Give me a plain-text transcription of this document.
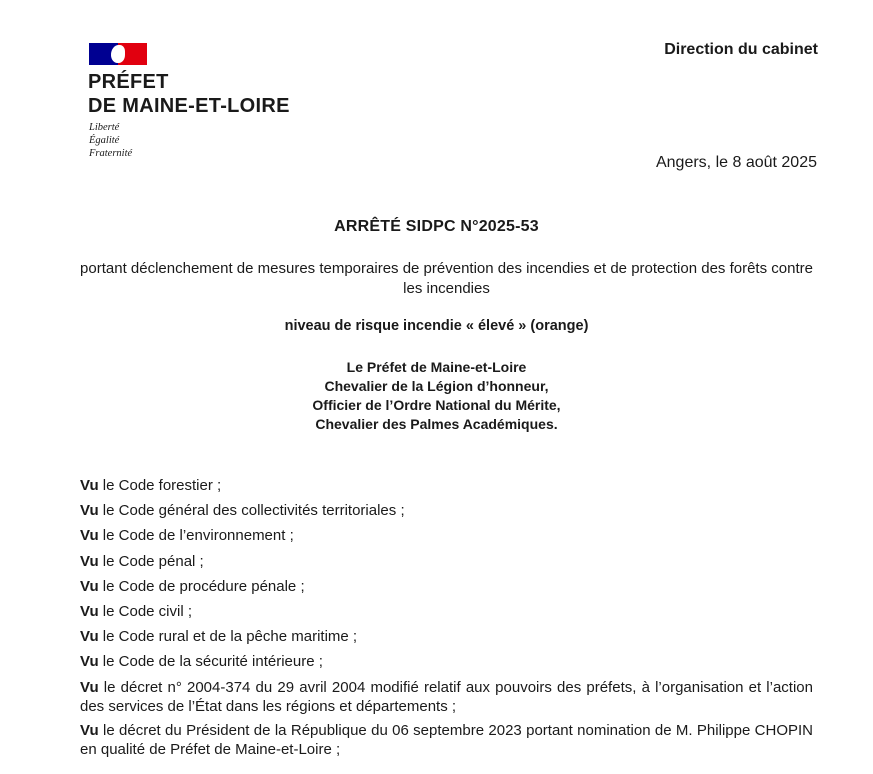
PRÉFET
DE MAINE-ET-LOIRE
Liberté
Égalité
Fraternité
Direction du cabinet
Angers, le 8 août 2025
ARRÊTÉ SIDPC N°2025-53
portant déclenchement de mesures temporaires de prévention des incendies et de protection des forêts contre les incendies
niveau de risque incendie « élevé » (orange)
Le Préfet de Maine-et-Loire
Chevalier de la Légion d’honneur,
Officier de l’Ordre National du Mérite,
Chevalier des Palmes Académiques.
Vu le Code forestier ;
Vu le Code général des collectivités territoriales ;
Vu le Code de l’environnement ;
Vu le Code pénal ;
Vu le Code de procédure pénale ;
Vu le Code civil ;
Vu le Code rural et de la pêche maritime ;
Vu le Code de la sécurité intérieure ;
Vu le décret n° 2004-374 du 29 avril 2004 modifié relatif aux pouvoirs des préfets, à l’organisation et l’action des services de l’État dans les régions et départements ;
Vu le décret du Président de la République du 06 septembre 2023 portant nomination de M. Philippe CHOPIN en qualité de Préfet de Maine-et-Loire ;
